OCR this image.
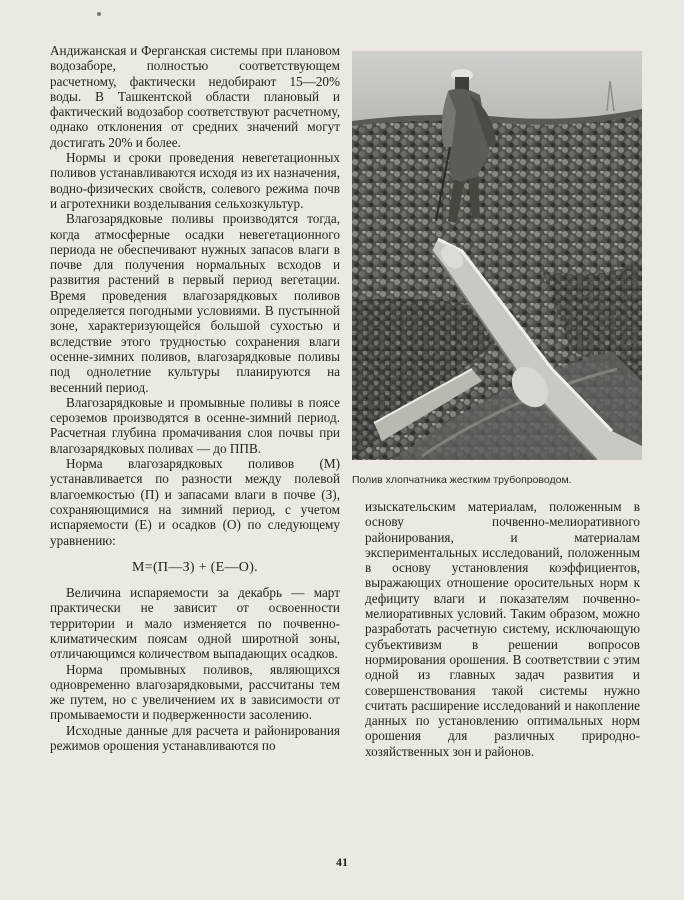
Андижанская и Ферганская системы при плановом водозаборе, полностью соответствующем расчетному, фактически недобирают 15—20% воды. В Ташкентской области плановый и фактический водозабор соответствуют расчетному, однако отклонения от средних значений могут достигать 20% и более.

Нормы и сроки проведения невегетационных поливов устанавливаются исходя из их назначения, водно-физических свойств, солевого режима почв и агротехники возделывания сельхозкультур.

Влагозарядковые поливы производятся тогда, когда атмосферные осадки невегетационного периода не обеспечивают нужных запасов влаги в почве для получения нормальных всходов и развития растений в первый период вегетации. Время проведения влагозарядковых поливов определяется погодными условиями. В пустынной зоне, характеризующейся большой сухостью и вследствие этого трудностью сохранения влаги осенне-зимних поливов, влагозарядковые поливы под однолетние культуры планируются на весенний период.

Влагозарядковые и промывные поливы в поясе сероземов производятся в осенне-зимний период. Расчетная глубина промачивания слоя почвы при влагозарядковых поливах — до ППВ.

Норма влагозарядковых поливов (М) устанавливается по разности между полевой влагоемкостью (П) и запасами влаги в почве (З), сохраняющимися на зимний период, с учетом испаряемости (Е) и осадков (О) по следующему уравнению:

М=(П—З) + (Е—О).

Величина испаряемости за декабрь — март практически не зависит от освоенности территории и мало изменяется по почвенно-климатическим поясам одной широтной зоны, отличающимся количеством выпадающих осадков.

Норма промывных поливов, являющихся одновременно влагозарядковыми, рассчитаны тем же путем, но с увеличением их в зависимости от промываемости и подверженности засолению.

Исходные данные для расчета и районирования режимов орошения устанавливаются по

Полив хлопчатника жестким трубопроводом.

изыскательским материалам, положенным в основу почвенно-мелиоративного районирования, и материалам экспериментальных исследований, положенным в основу установления коэффициентов, выражающих отношение оросительных норм к дефициту влаги и показателям почвенно-мелиоративных условий. Таким образом, можно разработать расчетную систему, исключающую субъективизм в решении вопросов нормирования орошения. В соответствии с этим одной из главных задач развития и совершенствования такой системы нужно считать расширение исследований и накопление данных по установлению оптимальных норм орошения для различных природно-хозяйственных зон и районов.

41
